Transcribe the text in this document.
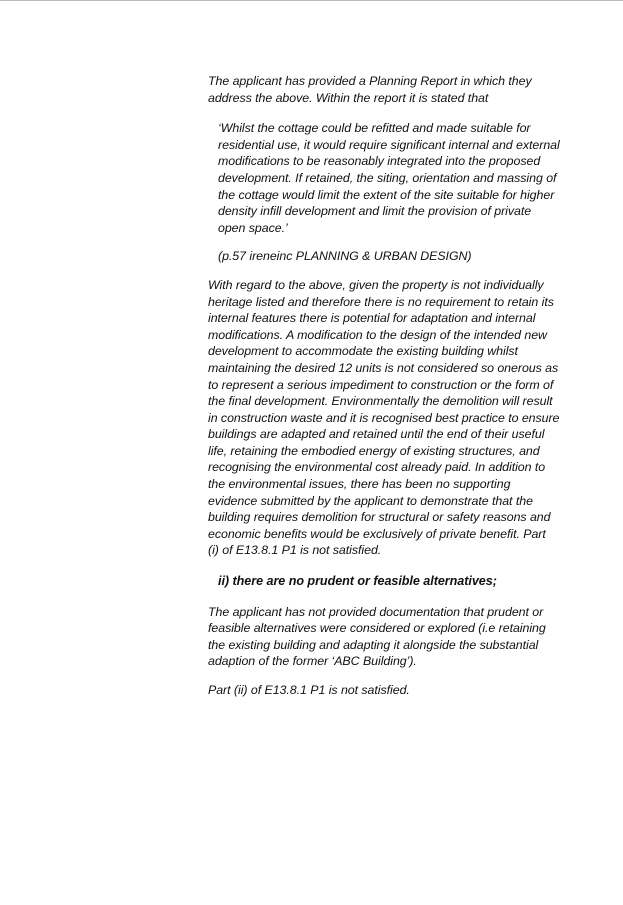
The applicant has provided a Planning Report in which they address the above. Within the report it is stated that

‘Whilst the cottage could be refitted and made suitable for residential use, it would require significant internal and external modifications to be reasonably integrated into the proposed development. If retained, the siting, orientation and massing of the cottage would limit the extent of the site suitable for higher density infill development and limit the provision of private open space.’

(p.57 ireneinc PLANNING & URBAN DESIGN)

With regard to the above, given the property is not individually heritage listed and therefore there is no requirement to retain its internal features there is potential for adaptation and internal modifications. A modification to the design of the intended new development to accommodate the existing building whilst maintaining the desired 12 units is not considered so onerous as to represent a serious impediment to construction or the form of the final development. Environmentally the demolition will result in construction waste and it is recognised best practice to ensure buildings are adapted and retained until the end of their useful life, retaining the embodied energy of existing structures, and recognising the environmental cost already paid. In addition to the environmental issues, there has been no supporting evidence submitted by the applicant to demonstrate that the building requires demolition for structural or safety reasons and economic benefits would be exclusively of private benefit. Part (i) of E13.8.1 P1 is not satisfied.

ii) there are no prudent or feasible alternatives;

The applicant has not provided documentation that prudent or feasible alternatives were considered or explored (i.e retaining the existing building and adapting it alongside the substantial adaption of the former ‘ABC Building’).

Part (ii) of E13.8.1 P1 is not satisfied.
